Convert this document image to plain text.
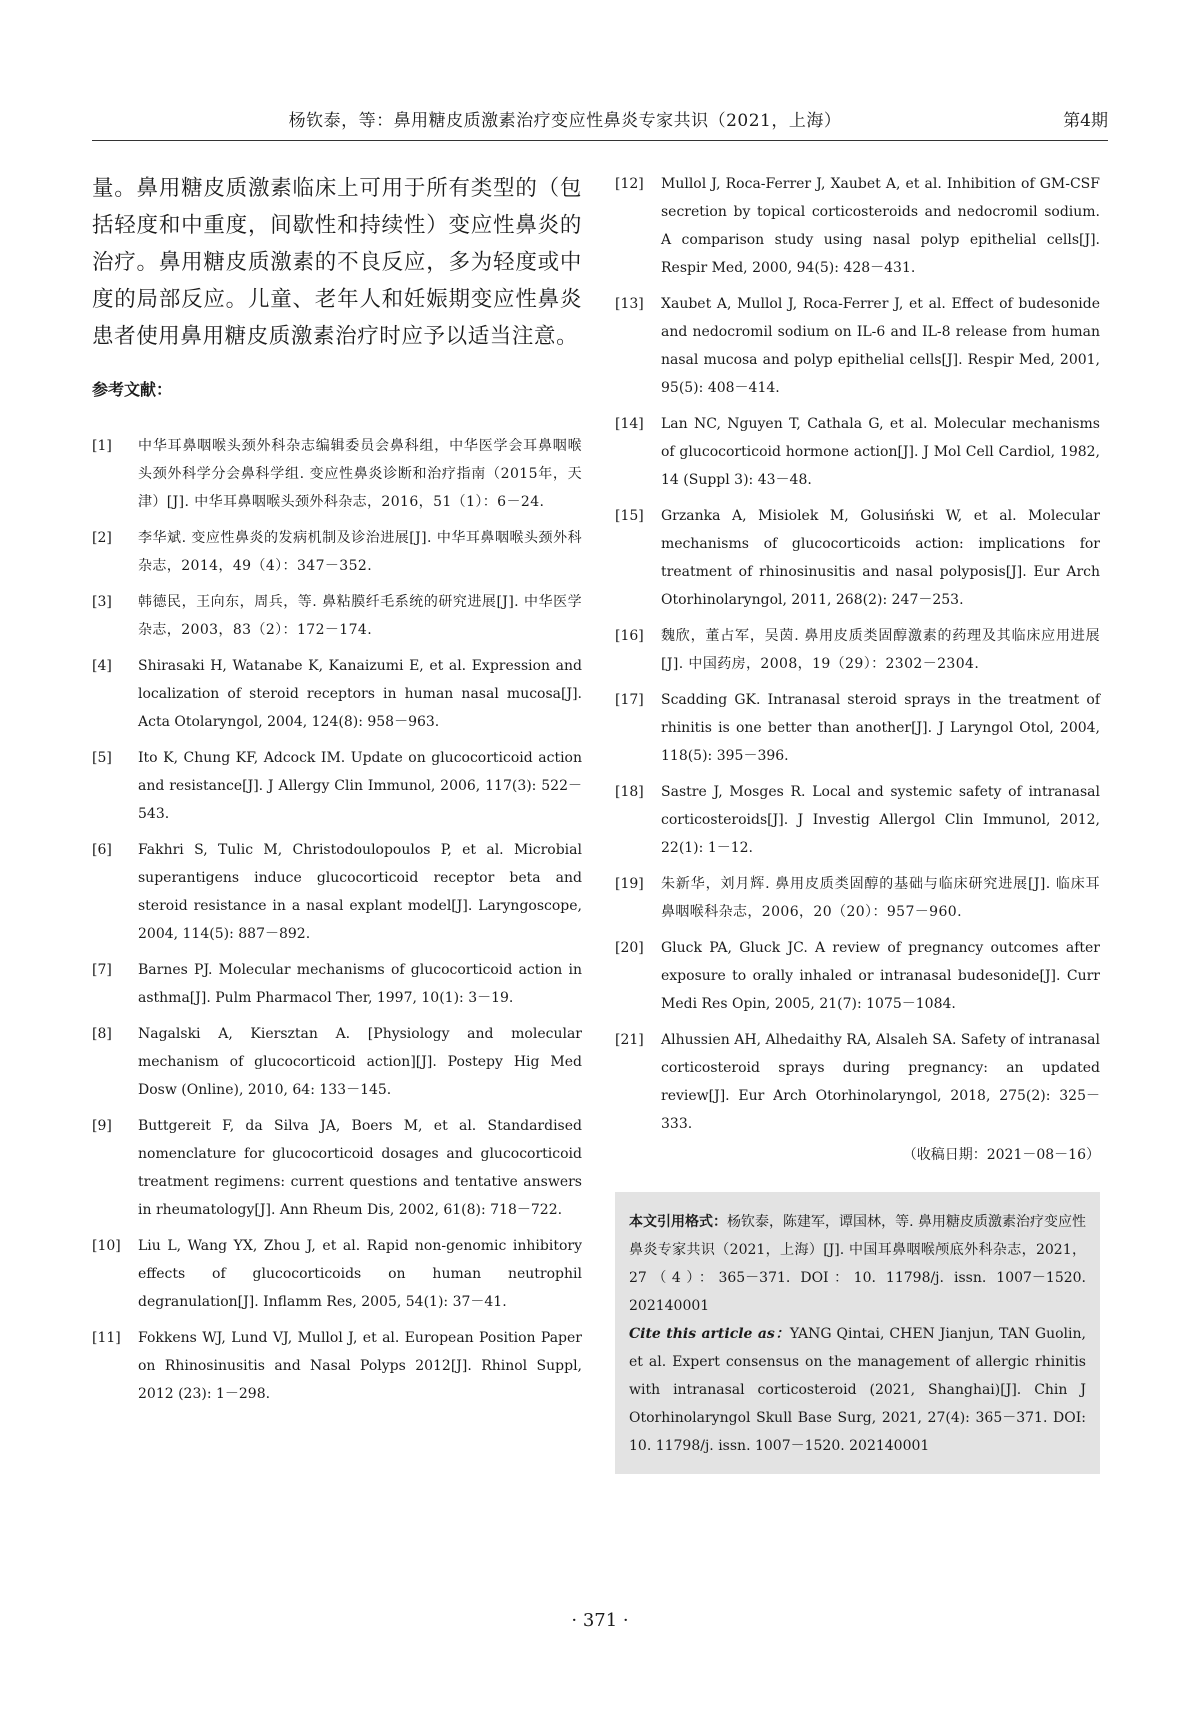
杨钦泰，等：鼻用糖皮质激素治疗变应性鼻炎专家共识（2021，上海）	第4期

量。鼻用糖皮质激素临床上可用于所有类型的（包括轻度和中重度，间歇性和持续性）变应性鼻炎的治疗。鼻用糖皮质激素的不良反应，多为轻度或中度的局部反应。儿童、老年人和妊娠期变应性鼻炎患者使用鼻用糖皮质激素治疗时应予以适当注意。

参考文献：
[1]	中华耳鼻咽喉头颈外科杂志编辑委员会鼻科组，中华医学会耳鼻咽喉头颈外科学分会鼻科学组. 变应性鼻炎诊断和治疗指南（2015年，天津）[J]. 中华耳鼻咽喉头颈外科杂志，2016，51（1）：6－24.
[2]	李华斌. 变应性鼻炎的发病机制及诊治进展[J]. 中华耳鼻咽喉头颈外科杂志，2014，49（4）：347－352.
[3]	韩德民，王向东，周兵，等. 鼻粘膜纤毛系统的研究进展[J]. 中华医学杂志，2003，83（2）：172－174.
[4]	Shirasaki H, Watanabe K, Kanaizumi E, et al. Expression and localization of steroid receptors in human nasal mucosa[J]. Acta Otolaryngol, 2004, 124(8): 958－963.
[5]	Ito K, Chung KF, Adcock IM. Update on glucocorticoid action and resistance[J]. J Allergy Clin Immunol, 2006, 117(3): 522－543.
[6]	Fakhri S, Tulic M, Christodoulopoulos P, et al. Microbial superantigens induce glucocorticoid receptor beta and steroid resistance in a nasal explant model[J]. Laryngoscope, 2004, 114(5): 887－892.
[7]	Barnes PJ. Molecular mechanisms of glucocorticoid action in asthma[J]. Pulm Pharmacol Ther, 1997, 10(1): 3－19.
[8]	Nagalski A, Kiersztan A. [Physiology and molecular mechanism of glucocorticoid action][J]. Postepy Hig Med Dosw (Online), 2010, 64: 133－145.
[9]	Buttgereit F, da Silva JA, Boers M, et al. Standardised nomenclature for glucocorticoid dosages and glucocorticoid treatment regimens: current questions and tentative answers in rheumatology[J]. Ann Rheum Dis, 2002, 61(8): 718－722.
[10]	Liu L, Wang YX, Zhou J, et al. Rapid non-genomic inhibitory effects of glucocorticoids on human neutrophil degranulation[J]. Inflamm Res, 2005, 54(1): 37－41.
[11]	Fokkens WJ, Lund VJ, Mullol J, et al. European Position Paper on Rhinosinusitis and Nasal Polyps 2012[J]. Rhinol Suppl, 2012 (23): 1－298.
[12]	Mullol J, Roca-Ferrer J, Xaubet A, et al. Inhibition of GM-CSF secretion by topical corticosteroids and nedocromil sodium. A comparison study using nasal polyp epithelial cells[J]. Respir Med, 2000, 94(5): 428－431.
[13]	Xaubet A, Mullol J, Roca-Ferrer J, et al. Effect of budesonide and nedocromil sodium on IL-6 and IL-8 release from human nasal mucosa and polyp epithelial cells[J]. Respir Med, 2001, 95(5): 408－414.
[14]	Lan NC, Nguyen T, Cathala G, et al. Molecular mechanisms of glucocorticoid hormone action[J]. J Mol Cell Cardiol, 1982, 14 (Suppl 3): 43－48.
[15]	Grzanka A, Misiolek M, Golusiński W, et al. Molecular mechanisms of glucocorticoids action: implications for treatment of rhinosinusitis and nasal polyposis[J]. Eur Arch Otorhinolaryngol, 2011, 268(2): 247－253.
[16]	魏欣，董占军，吴茵. 鼻用皮质类固醇激素的药理及其临床应用进展[J]. 中国药房，2008，19（29）：2302－2304.
[17]	Scadding GK. Intranasal steroid sprays in the treatment of rhinitis is one better than another[J]. J Laryngol Otol, 2004, 118(5): 395－396.
[18]	Sastre J, Mosges R. Local and systemic safety of intranasal corticosteroids[J]. J Investig Allergol Clin Immunol, 2012, 22(1): 1－12.
[19]	朱新华，刘月辉. 鼻用皮质类固醇的基础与临床研究进展[J]. 临床耳鼻咽喉科杂志，2006，20（20）：957－960.
[20]	Gluck PA, Gluck JC. A review of pregnancy outcomes after exposure to orally inhaled or intranasal budesonide[J]. Curr Medi Res Opin, 2005, 21(7): 1075－1084.
[21]	Alhussien AH, Alhedaithy RA, Alsaleh SA. Safety of intranasal corticosteroid sprays during pregnancy: an updated review[J]. Eur Arch Otorhinolaryngol, 2018, 275(2): 325－333.
（收稿日期：2021－08－16）

本文引用格式：杨钦泰，陈建军，谭国林，等. 鼻用糖皮质激素治疗变应性鼻炎专家共识（2021，上海）[J]. 中国耳鼻咽喉颅底外科杂志，2021，27（4）：365－371. DOI：10. 11798/j. issn. 1007－1520. 202140001

Cite this article as：YANG Qintai, CHEN Jianjun, TAN Guolin, et al. Expert consensus on the management of allergic rhinitis with intranasal corticosteroid (2021, Shanghai)[J]. Chin J Otorhinolaryngol Skull Base Surg, 2021, 27(4): 365－371. DOI: 10. 11798/j. issn. 1007－1520. 202140001

· 371 ·
